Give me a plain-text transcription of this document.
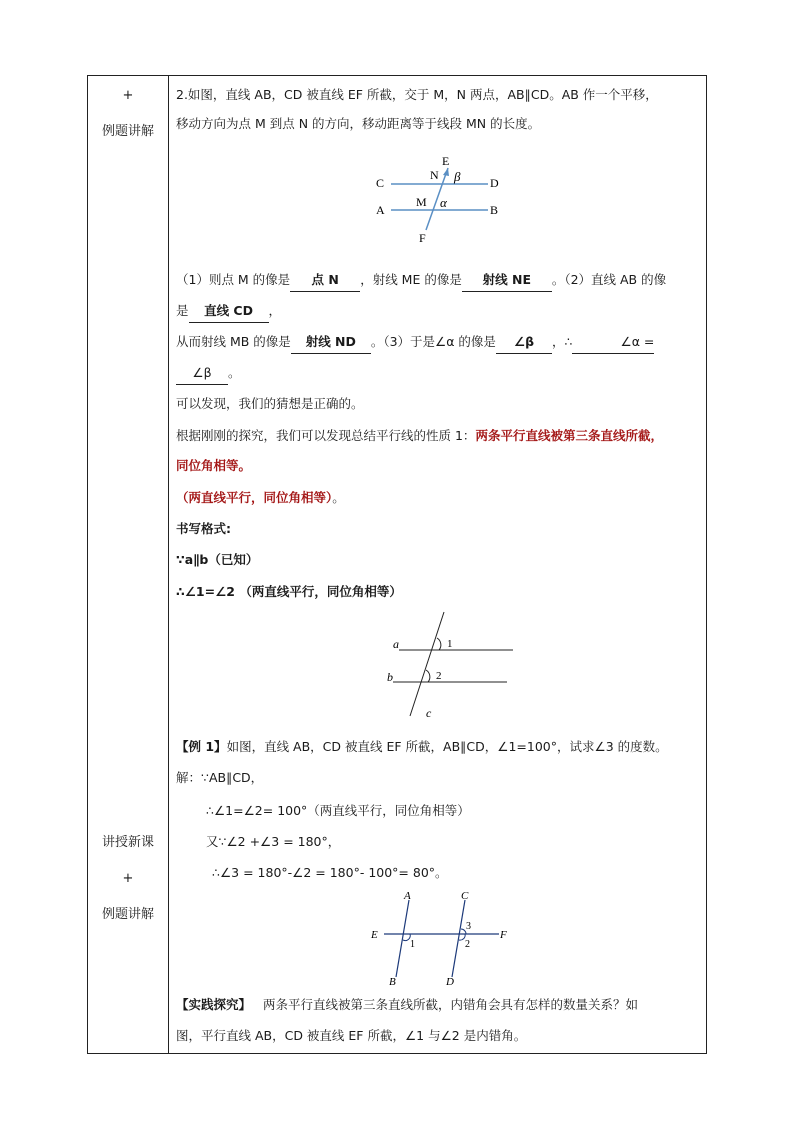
+
例题讲解
讲授新课
+
例题讲解
2.如图，直线 AB，CD 被直线 EF 所截，交于 M，N 两点，AB∥CD。AB 作一个平移，
移动方向为点 M 到点 N 的方向，移动距离等于线段 MN 的长度。
C	D
A	B
E
F
N
M
β
α
（1）则点 M 的像是 点 N ，射线 ME 的像是 射线 NE 。（2）直线 AB 的像
是 直线 CD ，
从而射线 MB 的像是 射线 ND 。（3）于是∠α 的像是 ∠β ，∴	∠α =
∠β 。
可以发现，我们的猜想是正确的。
根据刚刚的探究，我们可以发现总结平行线的性质 1：两条平行直线被第三条直线所截，
同位角相等。
（两直线平行，同位角相等）。
书写格式:
∵a∥b（已知）
∴∠1=∠2 （两直线平行，同位角相等）
a
b
c
1
2
【例 1】如图，直线 AB，CD 被直线 EF 所截，AB∥CD，∠1=100°，试求∠3 的度数。
解：∵AB∥CD，
∴∠1=∠2= 100°（两直线平行，同位角相等）
又∵∠2 +∠3 = 180°，
∴∠3 = 180°-∠2 = 180°- 100°= 80°。
A
B
C
D
E	F
1	2
3
【实践探究】 两条平行直线被第三条直线所截，内错角会具有怎样的数量关系？如
图，平行直线 AB，CD 被直线 EF 所截，∠1 与∠2 是内错角。
